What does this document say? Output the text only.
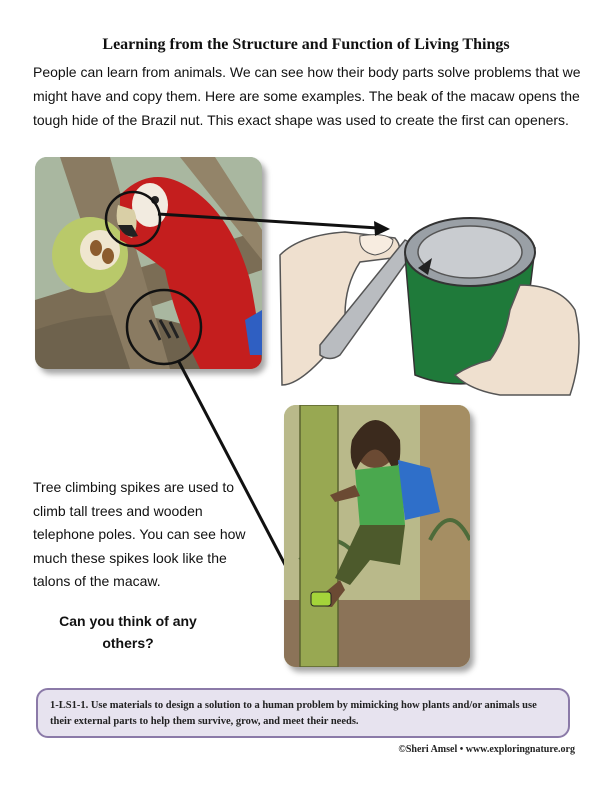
Learning from the Structure and Function of Living Things

People can learn from animals. We can see how their body parts solve problems that we might have and copy them. Here are some examples. The beak of the macaw opens the tough hide of the Brazil nut. This exact shape was used to create the first can openers.

Tree climbing spikes are used to climb tall trees and wooden telephone poles. You can see how much these spikes look like the talons of the macaw.

Can you think of any others?

1-LS1-1. Use materials to design a solution to a human problem by mimicking how plants and/or animals use their external parts to help them survive, grow, and meet their needs.
©Sheri Amsel • www.exploringnature.org
